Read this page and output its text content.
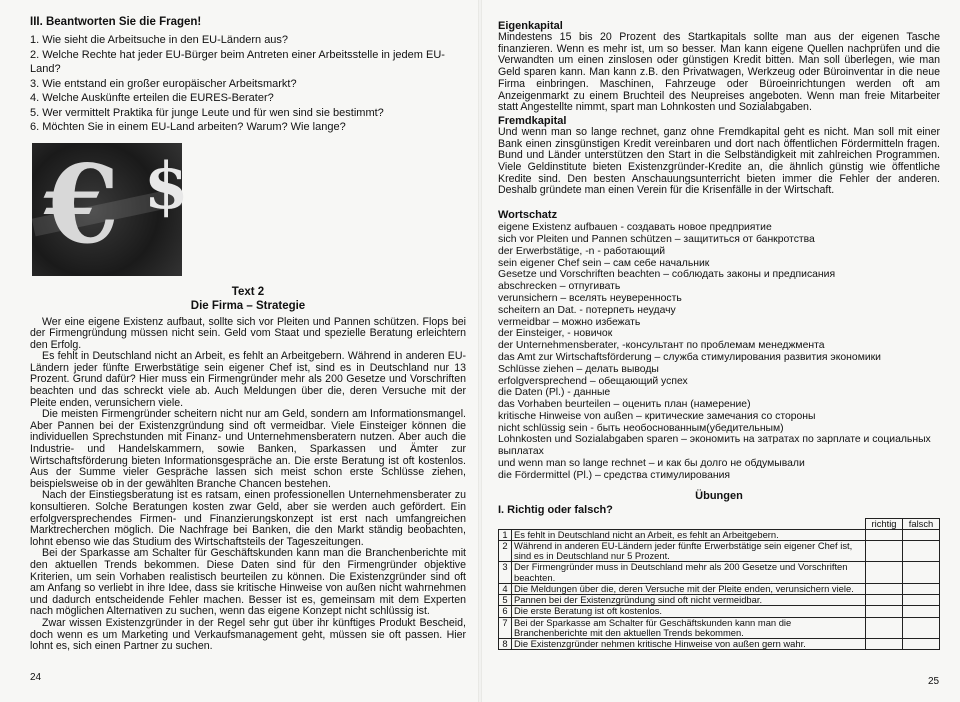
III. Beantworten Sie die Fragen!

1. Wie sieht die Arbeitsuche in den EU-Ländern aus?

2. Welche Rechte hat jeder EU-Bürger beim Antreten einer Arbeitsstelle in jedem EU-Land?

3. Wie entstand ein großer europäischer Arbeitsmarkt?

4. Welche Auskünfte erteilen die EURES-Berater?

5. Wer vermittelt Praktika für junge Leute und für wen sind sie bestimmt?

6. Möchten Sie in einem EU-Land arbeiten? Warum? Wie lange?

€ $
Text 2
Die Firma – Strategie

Wer eine eigene Existenz aufbaut, sollte sich vor Pleiten und Pannen schützen. Flops bei der Firmengründung müssen nicht sein. Geld vom Staat und spezielle Beratung erleichtern den Erfolg.

Es fehlt in Deutschland nicht an Arbeit, es fehlt an Arbeitgebern. Während in anderen EU-Ländern jeder fünfte Erwerbstätige sein eigener Chef ist, sind es in Deutschland nur 13 Prozent. Grund dafür? Hier muss ein Firmengründer mehr als 200 Gesetze und Vorschriften beachten und das schreckt viele ab. Auch Meldungen über die, deren Versuche mit der Pleite enden, verunsichern viele.

Die meisten Firmengründer scheitern nicht nur am Geld, sondern am Informationsmangel. Aber Pannen bei der Existenzgründung sind oft vermeidbar. Viele Einsteiger können die individuellen Sprechstunden mit Finanz- und Unternehmensberatern nutzen. Aber auch die Industrie- und Handelskammern, sowie Banken, Sparkassen und Ämter zur Wirtschaftsförderung bieten Informationsgespräche an. Die erste Beratung ist oft kostenlos. Aus der Summe vieler Gespräche lassen sich meist schon erste Schlüsse ziehen, beispielsweise ob in der gewählten Branche Chancen bestehen.

Nach der Einstiegsberatung ist es ratsam, einen professionellen Unternehmensberater zu konsultieren. Solche Beratungen kosten zwar Geld, aber sie werden auch gefördert. Ein erfolgversprechendes Firmen- und Finanzierungskonzept ist erst nach umfangreichen Marktrecherchen möglich. Die Nachfrage bei Banken, die den Markt ständig beobachten, lohnt ebenso wie das Studium des Wirtschaftsteils der Tageszeitungen.

Bei der Sparkasse am Schalter für Geschäftskunden kann man die Branchenberichte mit den aktuellen Trends bekommen. Diese Daten sind für den Firmengründer objektive Kriterien, um sein Vorhaben realistisch beurteilen zu können. Die Existenzgründer sind oft am Anfang so verliebt in ihre Idee, dass sie kritische Hinweise von außen nicht wahrnehmen und dadurch entscheidende Fehler machen. Besser ist es, gemeinsam mit dem Experten nach möglichen Alternativen zu suchen, wenn das eigene Konzept nicht schlüssig ist.

Zwar wissen Existenzgründer in der Regel sehr gut über ihr künftiges Produkt Bescheid, doch wenn es um Marketing und Verkaufsmanagement geht, müssen sie oft passen. Hier lohnt es, sich einen Partner zu suchen.

24

Eigenkapital

Mindestens 15 bis 20 Prozent des Startkapitals sollte man aus der eigenen Tasche finanzieren. Wenn es mehr ist, um so besser. Man kann eigene Quellen nachprüfen und die Verwandten um einen zinslosen oder günstigen Kredit bitten. Man soll überlegen, wie man Geld sparen kann. Man kann z.B. den Privatwagen, Werkzeug oder Büroinventar in die neue Firma einbringen. Maschinen, Fahrzeuge oder Büroeinrichtungen werden oft am Anzeigenmarkt zu einem Bruchteil des Neupreises angeboten. Wenn man freie Mitarbeiter statt Angestellte nimmt, spart man Lohnkosten und Sozialabgaben.

Fremdkapital

Und wenn man so lange rechnet, ganz ohne Fremdkapital geht es nicht. Man soll mit einer Bank einen zinsgünstigen Kredit vereinbaren und dort nach öffentlichen Fördermitteln fragen. Bund und Länder unterstützen den Start in die Selbständigkeit mit zahlreichen Programmen. Viele Geldinstitute bieten Existenzgründer-Kredite an, die ähnlich günstig wie öffentliche Kredite sind. Den besten Anschauungsunterricht bieten immer die Fehler der anderen. Deshalb gründete man einen Verein für die Krisenfälle in der Wirtschaft.

Wortschatz

eigene Existenz aufbauen - создавать новое предприятие

sich vor Pleiten und Pannen schützen – защититься от банкротства

der Erwerbstätige, -n - работающий

sein eigener Chef sein – сам себе начальник

Gesetze und Vorschriften beachten – соблюдать законы и предписания

abschrecken – отпугивать

verunsichern – вселять неуверенность

scheitern an Dat. - потерпеть неудачу

vermeidbar – можно избежать

der Einsteiger, - новичок

der Unternehmensberater, -консультант по проблемам менеджмента

das Amt zur Wirtschaftsförderung – служба стимулирования развития экономики

Schlüsse ziehen – делать выводы

erfolgversprechend – обещающий успех

die Daten (Pl.) - данные

das Vorhaben beurteilen – оценить план (намерение)

kritische Hinweise von außen – критические замечания со стороны

nicht schlüssig sein - быть необоснованным(убедительным)

Lohnkosten und Sozialabgaben sparen – экономить на затратах по зарплате и социальных выплатах

und wenn man so lange rechnet – и как бы долго не обдумывали

die Fördermittel (Pl.) – средства стимулирования

Übungen

I. Richtig oder falsch?

		richtig	falsch
1	Es fehlt in Deutschland nicht an Arbeit, es fehlt an Arbeitgebern.		
2	Während in anderen EU-Ländern jeder fünfte Erwerbstätige sein eigener Chef ist, sind es in Deutschland nur 5 Prozent.		
3	Der Firmengründer muss in Deutschland mehr als 200 Gesetze und Vorschriften beachten.		
4	Die Meldungen über die, deren Versuche mit der Pleite enden, verunsichern viele.		
5	Pannen bei der Existenzgründung sind oft nicht vermeidbar.		
6	Die erste Beratung ist oft kostenlos.		
7	Bei der Sparkasse am Schalter für Geschäftskunden kann man die Branchenberichte mit den aktuellen Trends bekommen.		
8	Die Existenzgründer nehmen kritische Hinweise von außen gern wahr.		
25
